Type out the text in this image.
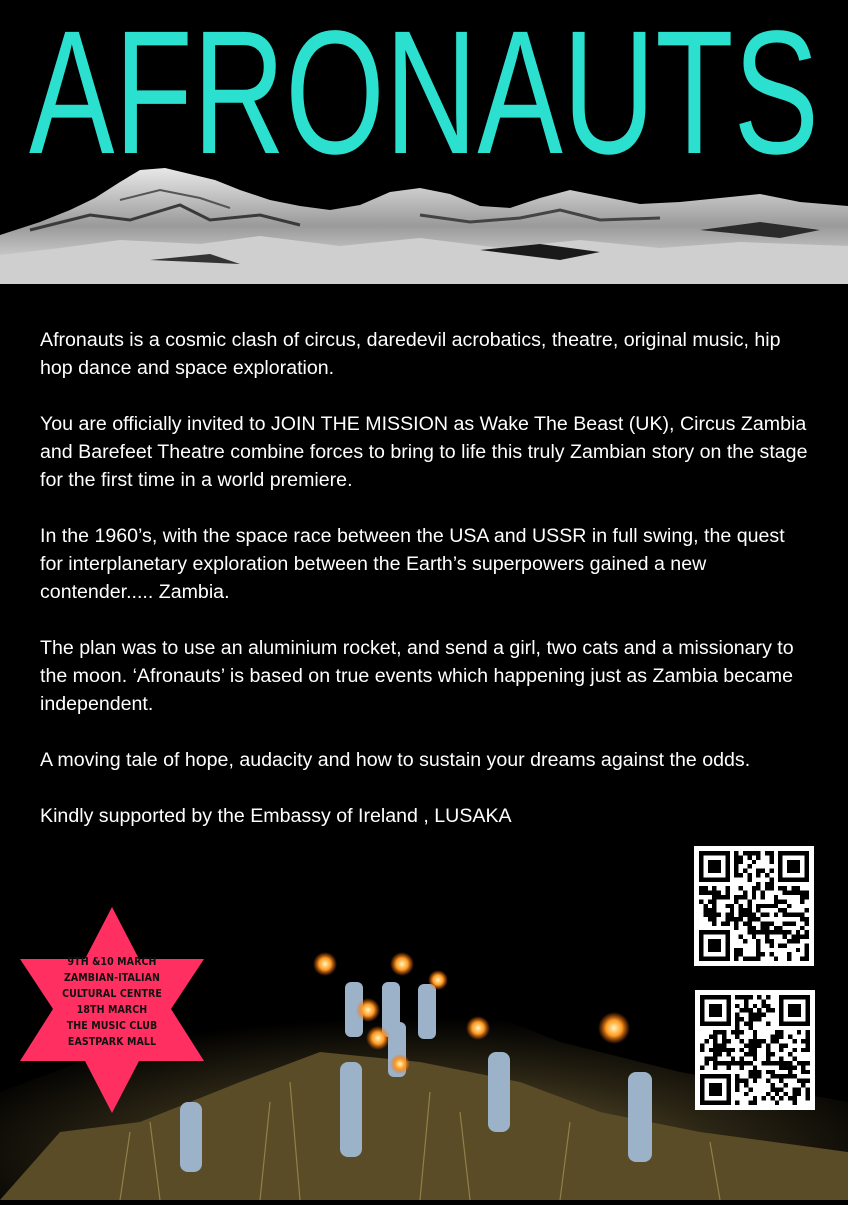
AFRONAUTS

Afronauts is a cosmic clash of circus, daredevil acrobatics, theatre, original music, hip hop dance and space exploration.

You are officially invited to JOIN THE MISSION as Wake The Beast (UK), Circus Zambia and Barefeet Theatre combine forces to bring to life this truly Zambian story on the stage for the first time in a world premiere.

In the 1960’s, with the space race between the USA and USSR in full swing, the quest for interplanetary exploration between the Earth’s superpowers gained a new contender..... Zambia.

The plan was to use an aluminium rocket, and send a girl, two cats and a missionary to the moon. ‘Afronauts’ is based on true events which happening just as Zambia became independent.

A moving tale of hope, audacity and how to sustain your dreams against the odds.

Kindly supported by the Embassy of Ireland , LUSAKA

9TH &10 MARCH
ZAMBIAN-ITALIAN
CULTURAL CENTRE
18TH MARCH
THE MUSIC CLUB
EASTPARK MALL
